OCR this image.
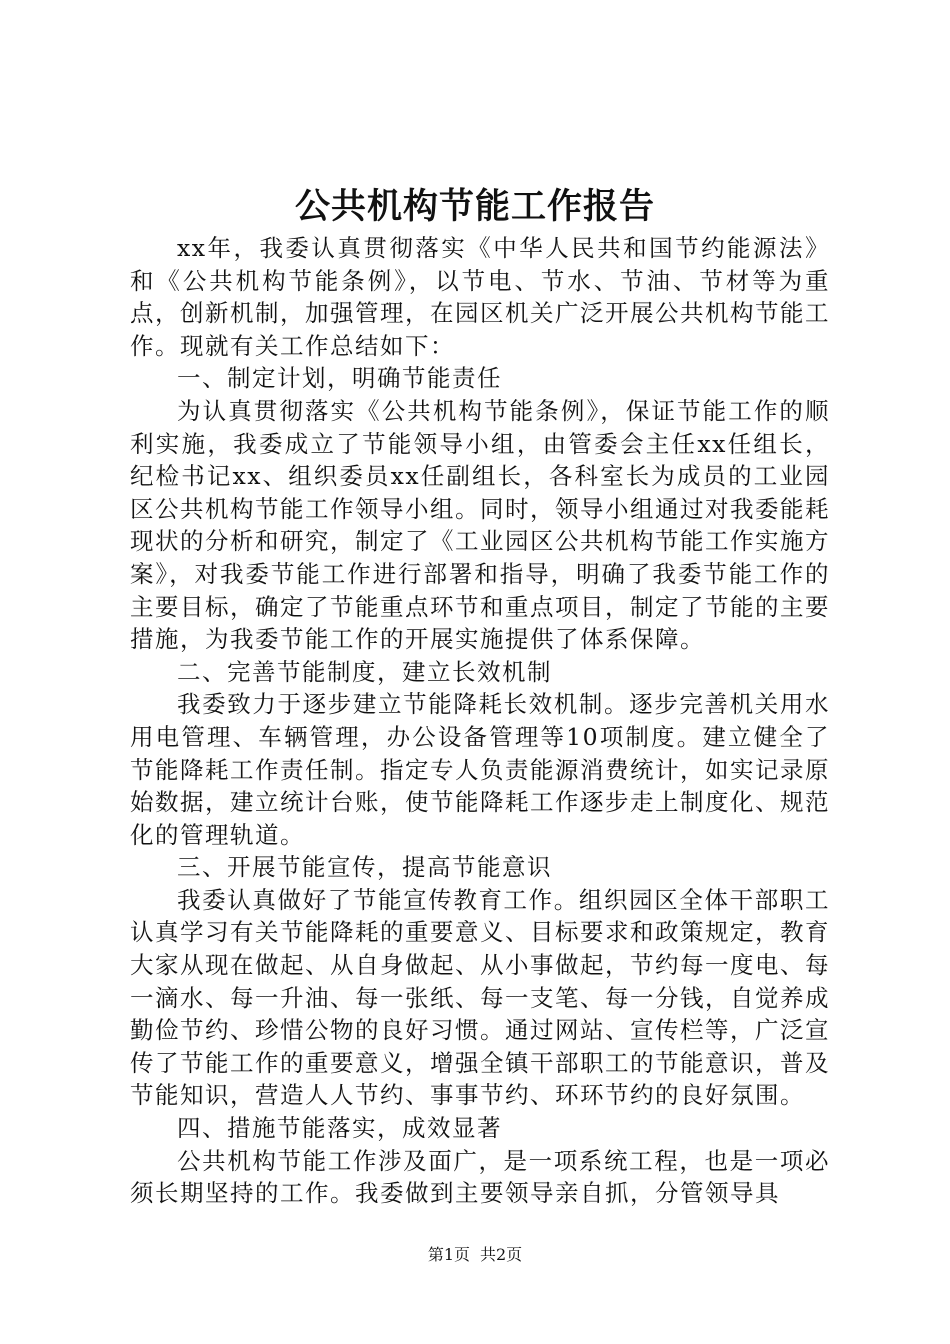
公共机构节能工作报告

xx年，我委认真贯彻落实《中华人民共和国节约能源法》和《公共机构节能条例》，以节电、节水、节油、节材等为重点，创新机制，加强管理，在园区机关广泛开展公共机构节能工作。现就有关工作总结如下：

一、制定计划，明确节能责任

为认真贯彻落实《公共机构节能条例》，保证节能工作的顺利实施，我委成立了节能领导小组，由管委会主任xx任组长，纪检书记xx、组织委员xx任副组长，各科室长为成员的工业园区公共机构节能工作领导小组。同时，领导小组通过对我委能耗现状的分析和研究，制定了《工业园区公共机构节能工作实施方案》，对我委节能工作进行部署和指导，明确了我委节能工作的主要目标，确定了节能重点环节和重点项目，制定了节能的主要措施，为我委节能工作的开展实施提供了体系保障。

二、完善节能制度，建立长效机制

我委致力于逐步建立节能降耗长效机制。逐步完善机关用水用电管理、车辆管理，办公设备管理等10项制度。建立健全了节能降耗工作责任制。指定专人负责能源消费统计，如实记录原始数据，建立统计台账，使节能降耗工作逐步走上制度化、规范化的管理轨道。

三、开展节能宣传，提高节能意识

我委认真做好了节能宣传教育工作。组织园区全体干部职工认真学习有关节能降耗的重要意义、目标要求和政策规定，教育大家从现在做起、从自身做起、从小事做起，节约每一度电、每一滴水、每一升油、每一张纸、每一支笔、每一分钱，自觉养成勤俭节约、珍惜公物的良好习惯。通过网站、宣传栏等，广泛宣传了节能工作的重要意义，增强全镇干部职工的节能意识，普及节能知识，营造人人节约、事事节约、环环节约的良好氛围。

四、措施节能落实，成效显著

公共机构节能工作涉及面广，是一项系统工程，也是一项必须长期坚持的工作。我委做到主要领导亲自抓，分管领导具

第1页 共2页
